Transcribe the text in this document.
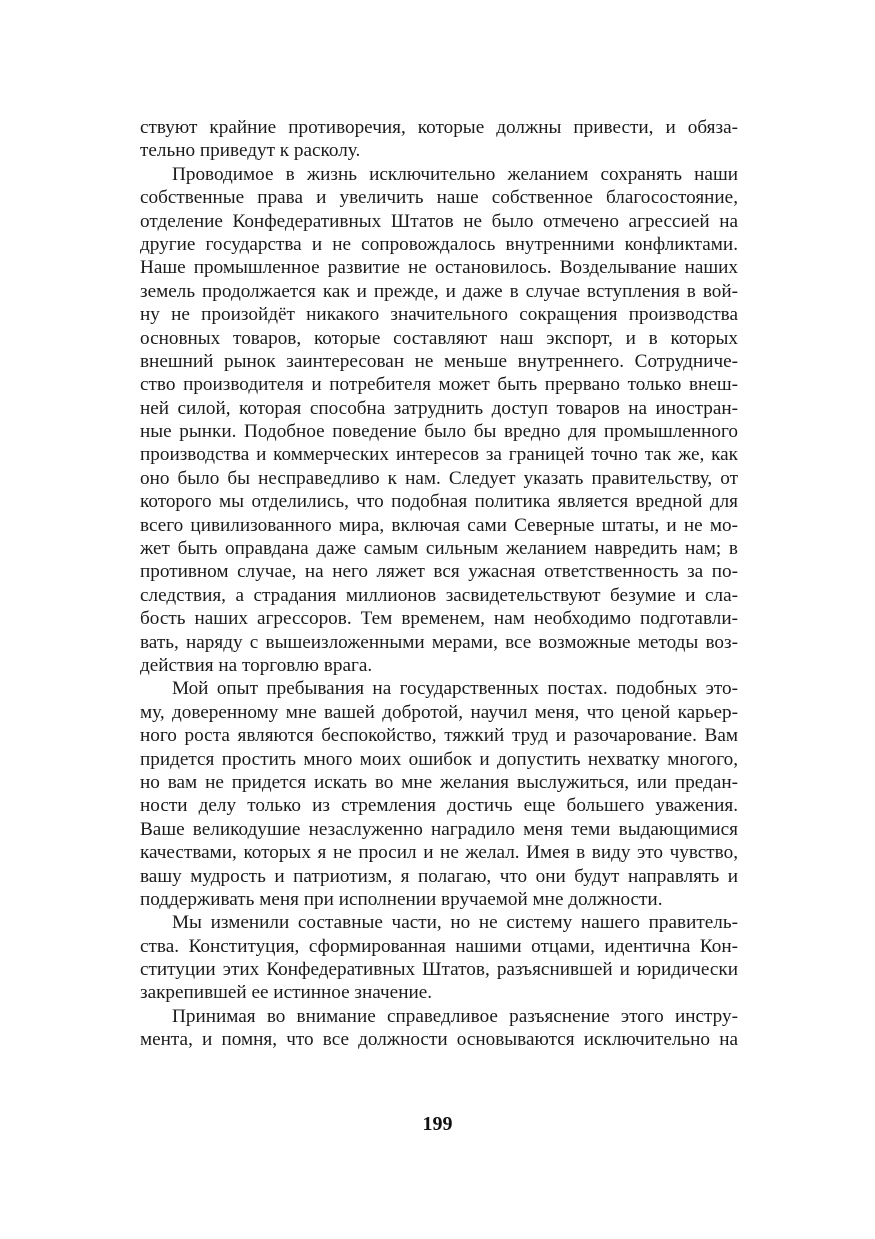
ствуют крайние противоречия, которые должны привести, и обяза-
тельно приведут к расколу.
Проводимое в жизнь исключительно желанием сохранять наши
собственные права и увеличить наше собственное благосостояние,
отделение Конфедеративных Штатов не было отмечено агрессией на
другие государства и не сопровождалось внутренними конфликтами.
Наше промышленное развитие не остановилось. Возделывание наших
земель продолжается как и прежде, и даже в случае вступления в вой-
ну не произойдёт никакого значительного сокращения производства
основных товаров, которые составляют наш экспорт, и в которых
внешний рынок заинтересован не меньше внутреннего. Сотрудниче-
ство производителя и потребителя может быть прервано только внеш-
ней силой, которая способна затруднить доступ товаров на иностран-
ные рынки. Подобное поведение было бы вредно для промышленного
производства и коммерческих интересов за границей точно так же, как
оно было бы несправедливо к нам. Следует указать правительству, от
которого мы отделились, что подобная политика является вредной для
всего цивилизованного мира, включая сами Северные штаты, и не мо-
жет быть оправдана даже самым сильным желанием навредить нам; в
противном случае, на него ляжет вся ужасная ответственность за по-
следствия, а страдания миллионов засвидетельствуют безумие и сла-
бость наших агрессоров. Тем временем, нам необходимо подготавли-
вать, наряду с вышеизложенными мерами, все возможные методы воз-
действия на торговлю врага.
Мой опыт пребывания на государственных постах. подобных это-
му, доверенному мне вашей добротой, научил меня, что ценой карьер-
ного роста являются беспокойство, тяжкий труд и разочарование. Вам
придется простить много моих ошибок и допустить нехватку многого,
но вам не придется искать во мне желания выслужиться, или предан-
ности делу только из стремления достичь еще большего уважения.
Ваше великодушие незаслуженно наградило меня теми выдающимися
качествами, которых я не просил и не желал. Имея в виду это чувство,
вашу мудрость и патриотизм, я полагаю, что они будут направлять и
поддерживать меня при исполнении вручаемой мне должности.
Мы изменили составные части, но не систему нашего правитель-
ства. Конституция, сформированная нашими отцами, идентична Кон-
ституции этих Конфедеративных Штатов, разъяснившей и юридически
закрепившей ее истинное значение.
Принимая во внимание справедливое разъяснение этого инстру-
мента, и помня, что все должности основываются исключительно на
199
